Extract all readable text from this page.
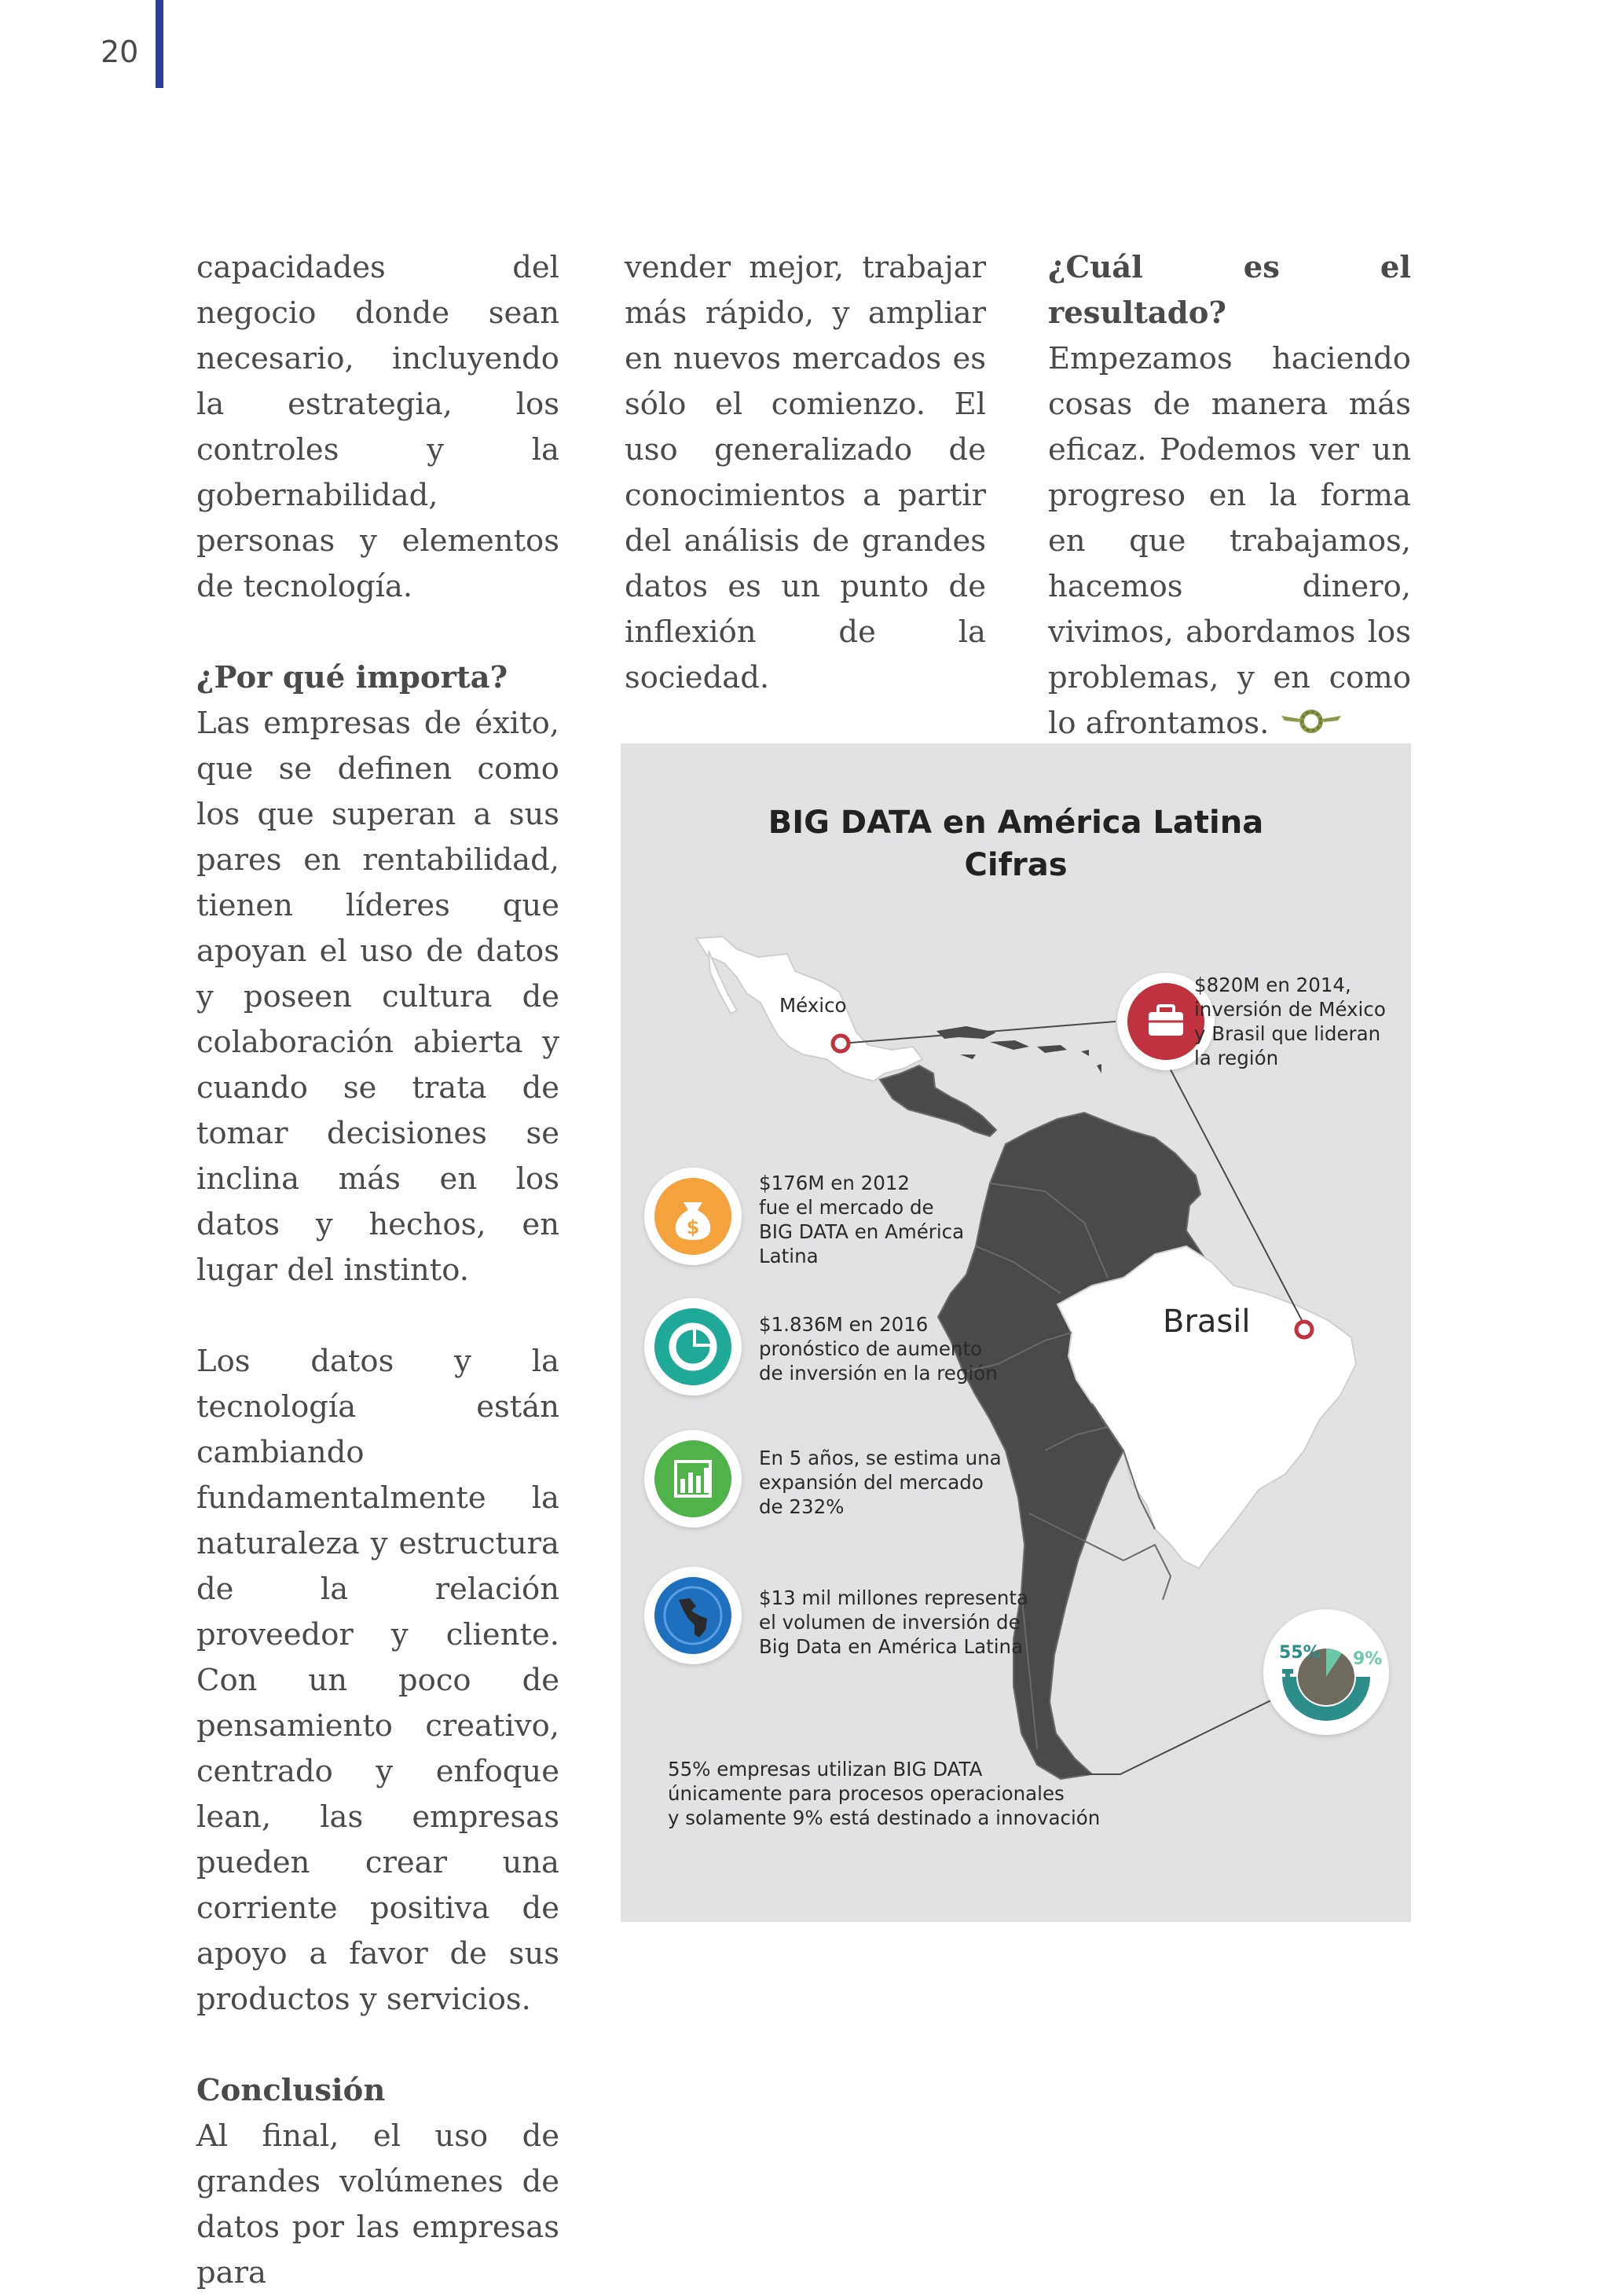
20

capacidades del negocio donde sean necesario, incluyendo la estrategia, los controles y la gobernabilidad, personas y elementos de tecnología.

¿Por qué importa?

Las empresas de éxito, que se definen como los que superan a sus pares en rentabilidad, tienen líderes que apoyan el uso de datos y poseen cultura de colaboración abierta y cuando se trata de tomar decisiones se inclina más en los datos y hechos, en lugar del instinto.

Los datos y la tecnología están cambiando fundamentalmente la naturaleza y estructura de la relación proveedor y cliente. Con un poco de pensamiento creativo, centrado y enfoque lean, las empresas pueden crear una corriente positiva de apoyo a favor de sus productos y servicios.

Conclusión

Al final, el uso de grandes volúmenes de datos por las empresas para

vender mejor, trabajar más rápido, y ampliar en nuevos mercados es sólo el comienzo. El uso generalizado de conocimientos a partir del análisis de grandes datos es un punto de inflexión de la sociedad.

¿Cuál es el resultado?

Empezamos haciendo cosas de manera más eficaz. Podemos ver un progreso en la forma en que trabajamos, hacemos dinero, vivimos, abordamos los problemas, y en como lo afrontamos.

BIG DATA en América Latina
Cifras
México
Brasil
$820M en 2014,
inversión de México
y Brasil que lideran
la región
$
$176M en 2012
fue el mercado de
BIG DATA en América
Latina
$1.836M en 2016
pronóstico de aumento
de inversión en la región
En 5 años, se estima una
expansión del mercado
de 232%
$13 mil millones representa
el volumen de inversión de
Big Data en América Latina	55% 9%
55% empresas utilizan BIG DATA
únicamente para procesos operacionales
y solamente 9% está destinado a innovación
